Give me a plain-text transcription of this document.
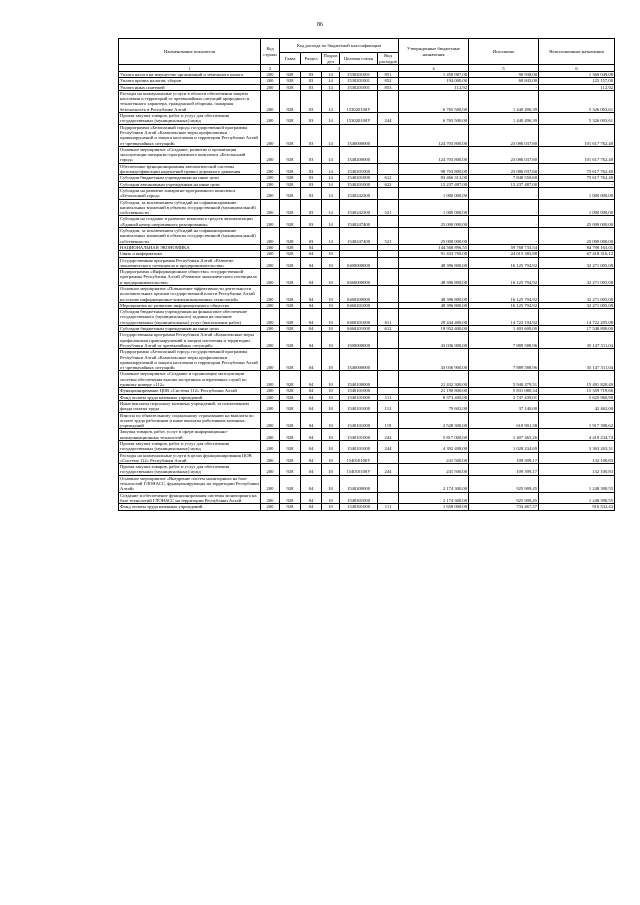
86
Наименование показателя	Код строки	Код расхода по бюджетной классификации					Утвержденные бюджетные назначения	Исполнено	Неисполненные назначения
		Глава	Раздел	Подраз дел	Целевая статья	Вид расходов			
1	2	3					4	5	6
Уплата налога на имущество организаций и земельного налога	200	928	03	14	1530201001	851	1 450 987,08	90 938,00	1 360 049,08
Уплата прочих налогов, сборов	200	928	03	14	1530201001	852	194 000,00	68 843,00	125 157,00
Уплата иных платежей	200	928	03	14	1530201001	853	112,92	-	112,92
Расходы на коммунальные услуги в области обеспечения защиты населения и территорий от чрезвычайных ситуаций природного и техногенного характера, гражданской обороны, пожарная безопасность в Республике Алтай	200	928	03	14	153020100У		6 765 500,00	1 440 496,39	5 326 003,61
Прочая закупка товаров, работ и услуг для обеспечения государственных (муниципальных) нужд	200	928	03	14	153020100У	244	6 765 500,00	1 440 496,39	5 326 003,61
Подпрограмма «Безопасный город» государственной программы Республики Алтай «Комплексные меры профилактики правонарушений и защита населения и территории Республики Алтай от чрезвычайных ситуаций»	200	928	03	14	1540000000		124 703 800,00	23 086 037,60	101 617 762,40
Основное мероприятие «Создание, развитие и организация эксплуатации аппаратно-программного комплекса «Безопасный город»	200	928	03	14	1540200000		124 703 800,00	23 086 037,60	101 617 762,40
Обеспечение функционирования автоматической системы фотовидеофиксации нарушений правил дорожного движения	200	928	03	14	1540201000		98 703 800,00	23 086 037,60	75 617 762,40
Субсидии бюджетным учреждениям на иные цели	200	928	03	14	1540201000	612	83 466 313,00	7 848 550,60	75 617 762,40
Субсидии автономным учреждениям на иные цели	200	928	03	14	1540201000	622	15 237 487,00	15 237 487,00	-
Субсидии на развитие аппаратно-программного комплекса «Безопасный город»	200	928	03	14	1540242300		1 000 000,00	-	1 000 000,00
Субсидии, за исключением субсидий на софинансирование капитальных вложений в объекты государственной (муниципальной) собственности	200	928	03	14	1540242300	521	1 000 000,00	-	1 000 000,00
Субсидии на создание и развитие комплекса средств автоматизации «Единый центр оперативного реагирования»	200	928	03	14	1540247400		25 000 000,00	-	25 000 000,00
Субсидии, за исключением субсидий на софинансирование капитальных вложений в объекты государственной (муниципальной) собственности	200	928	03	14	1540247400	521	25 000 000,00	-	25 000 000,00
НАЦИОНАЛЬНАЯ ЭКОНОМИКА	200	928	04				144 568 896,55	59 768 733,54	84 798 163,01
Связь и информатика	200	928	04	10			91 433 700,00	24 015 383,88	67 418 316,12
Государственная программа Республики Алтай «Развитие экономического потенциала и предпринимательства»	200	928	04	10	0400000000		48 396 800,00	16 125 794,92	32 271 005,08
Подпрограмма «Информационное общество» государственной программы Республики Алтай «Развитие экономического потенциала и предпринимательства»	200	928	04	10	0460000000		48 396 800,00	16 125 794,92	32 271 005,08
Основное мероприятие «Повышение эффективности деятельности исполнительных органов государственной власти Республики Алтай на основе информационно-коммуникационных технологий»	200	928	04	10	0460200000		48 396 800,00	16 125 794,92	32 271 005,08
Мероприятия по развитию информационного общества	200	928	04	10	0460201000		48 396 800,00	16 125 794,92	32 271 005,08
Субсидии бюджетным учреждениям на финансовое обеспечение государственного (муниципального) задания на оказание государственных (муниципальных) услуг (выполнение работ)	200	928	04	10	0460201000	611	29 444 400,00	14 722 194,92	14 722 205,08
Субсидии бюджетным учреждениям на иные цели	200	928	04	10	0460201000	612	18 952 400,00	1 403 600,00	17 548 800,00
Государственная программа Республики Алтай «Комплексные меры профилактики правонарушений и защита населения и территории Республики Алтай от чрезвычайных ситуаций»	200	928	04	10	1500000000		43 036 900,00	7 889 588,96	35 147 311,04
Подпрограмма «Безопасный город» государственной программы Республики Алтай «Комплексные меры профилактики правонарушений и защита населения и территории Республики Алтай от чрезвычайных ситуаций»	200	928	04	10	1540000000		43 036 900,00	7 889 588,96	35 147 311,04
Основное мероприятие «Создание и организация эксплуатации системы обеспечения вызова экстренных оперативных служб по единому номеру «112»	200	928	04	10	1540100000		21 432 300,00	5 940 479,51	15 491 820,49
Функционирование ЦОВ «Система 112» Республики Алтай	200	928	04	10	1540101000		21 190 800,00	5 831 080,34	15 359 719,66
Фонд оплаты труда казенных учреждений	200	928	04	10	1540101000	111	8 373 400,00	2 747 439,01	5 625 960,99
Иные выплаты персоналу казенных учреждений, за исключением фонда оплаты труда	200	928	04	10	1540101000	112	79 602,00	37 140,00	42 462,00
Взносы по обязательному социальному страхованию на выплаты по оплате труда работников и иные выплаты работникам казенных учреждений	200	928	04	10	1540101000	119	2 528 300,00	610 901,38	1 917 398,62
Закупка товаров, работ, услуг в сфере информационно-коммуникационных технологий	200	928	04	10	1540101000	242	5 817 000,00	1 407 365,26	4 410 234,74
Прочая закупка товаров, работ и услуг для обеспечения государственных (муниципальных) нужд	200	928	04	10	1540101000	244	4 392 498,00	1 028 234,69	3 363 263,31
Расходы на коммунальные услуги в целях функционирования ЦОВ «Система 112» Республики Алтай	200	928	04	10	154010100У		241 500,00	109 399,17	132 100,83
Прочая закупка товаров, работ и услуг для обеспечения государственных (муниципальных) нужд	200	928	04	10	154010100У	244	241 500,00	109 399,17	132 100,83
Основное мероприятие «Внедрение систем мониторинга на базе технологий ГЛОНАСС, функционирующих на территории Республики Алтай»	200	928	04	10	1540300000		2 174 300,00	925 909,45	1 248 390,55
Создание и обеспечение функционирования системы мониторинга на базе технологий ГЛОНАСС на территории Республики Алтай	200	928	04	10	1540301000		2 174 300,00	925 909,45	1 248 390,55
Фонд оплаты труда казенных учреждений	200	928	04	10	1540301000	111	1 650 000,00	733 467,57	916 532,43
